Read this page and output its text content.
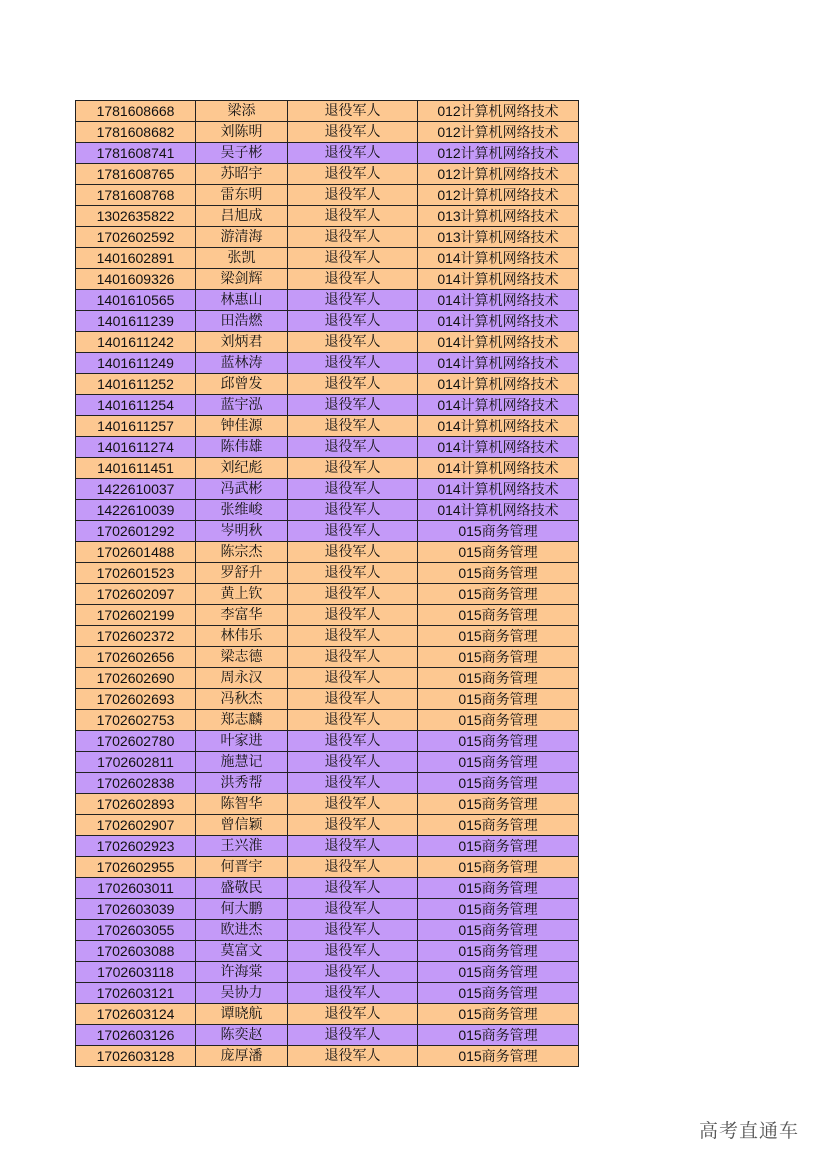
1781608668	梁添	退役军人	012计算机网络技术
1781608682	刘陈明	退役军人	012计算机网络技术
1781608741	吴子彬	退役军人	012计算机网络技术
1781608765	苏昭宇	退役军人	012计算机网络技术
1781608768	雷东明	退役军人	012计算机网络技术
1302635822	吕旭成	退役军人	013计算机网络技术
1702602592	游清海	退役军人	013计算机网络技术
1401602891	张凯	退役军人	014计算机网络技术
1401609326	梁剑辉	退役军人	014计算机网络技术
1401610565	林惠山	退役军人	014计算机网络技术
1401611239	田浩燃	退役军人	014计算机网络技术
1401611242	刘炳君	退役军人	014计算机网络技术
1401611249	蓝林涛	退役军人	014计算机网络技术
1401611252	邱曾发	退役军人	014计算机网络技术
1401611254	蓝宇泓	退役军人	014计算机网络技术
1401611257	钟佳源	退役军人	014计算机网络技术
1401611274	陈伟雄	退役军人	014计算机网络技术
1401611451	刘纪彪	退役军人	014计算机网络技术
1422610037	冯武彬	退役军人	014计算机网络技术
1422610039	张维峻	退役军人	014计算机网络技术
1702601292	岑明秋	退役军人	015商务管理
1702601488	陈宗杰	退役军人	015商务管理
1702601523	罗舒升	退役军人	015商务管理
1702602097	黄上钦	退役军人	015商务管理
1702602199	李富华	退役军人	015商务管理
1702602372	林伟乐	退役军人	015商务管理
1702602656	梁志德	退役军人	015商务管理
1702602690	周永汉	退役军人	015商务管理
1702602693	冯秋杰	退役军人	015商务管理
1702602753	郑志麟	退役军人	015商务管理
1702602780	叶家进	退役军人	015商务管理
1702602811	施慧记	退役军人	015商务管理
1702602838	洪秀帮	退役军人	015商务管理
1702602893	陈智华	退役军人	015商务管理
1702602907	曾信颖	退役军人	015商务管理
1702602923	王兴淮	退役军人	015商务管理
1702602955	何晋宇	退役军人	015商务管理
1702603011	盛敬民	退役军人	015商务管理
1702603039	何大鹏	退役军人	015商务管理
1702603055	欧进杰	退役军人	015商务管理
1702603088	莫富文	退役军人	015商务管理
1702603118	许海棠	退役军人	015商务管理
1702603121	吴协力	退役军人	015商务管理
1702603124	谭晓航	退役军人	015商务管理
1702603126	陈奕赵	退役军人	015商务管理
1702603128	庞厚潘	退役军人	015商务管理
高考直通车
